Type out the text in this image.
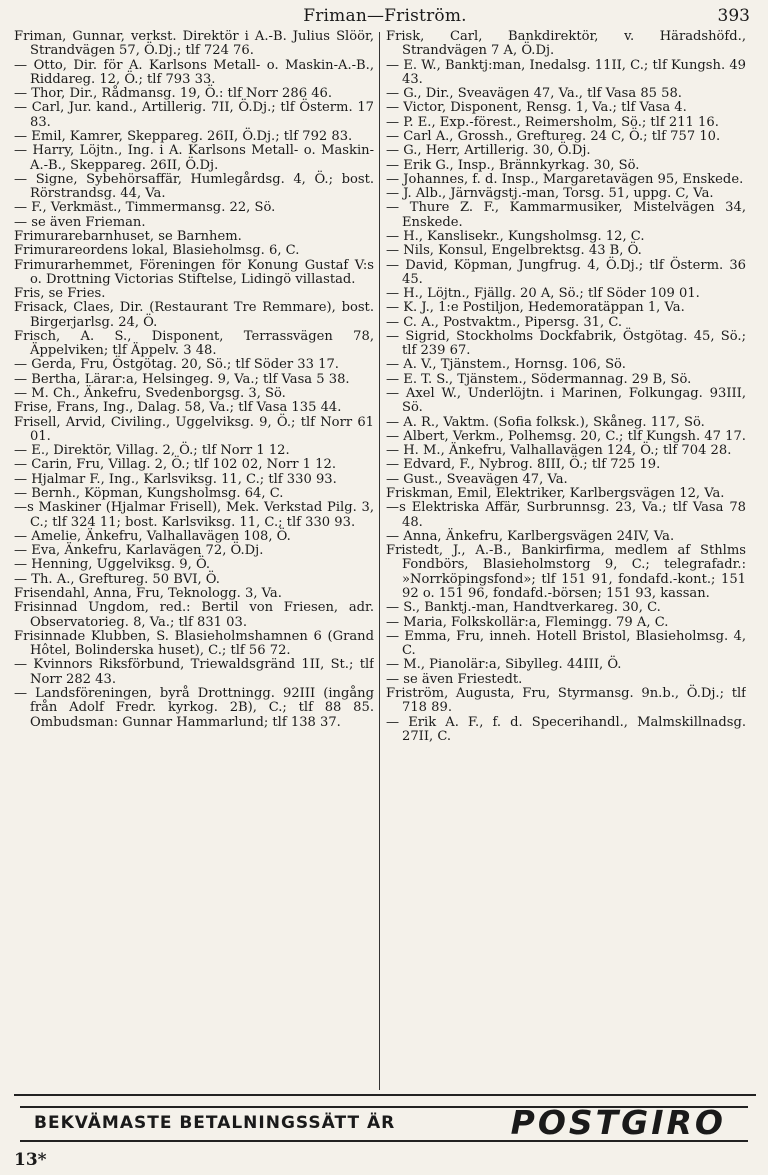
Friman—Friström.	393

Friman, Gunnar, verkst. Direktör i A.-B. Julius Slöör, Strandvägen 57, Ö.Dj.; tlf 724 76.

— Otto, Dir. för A. Karlsons Metall- o. Maskin-A.-B., Riddareg. 12, Ö.; tlf 793 33.

— Thor, Dir., Rådmansg. 19, Ö.: tlf Norr 286 46.

— Carl, Jur. kand., Artillerig. 7II, Ö.Dj.; tlf Österm. 17 83.

— Emil, Kamrer, Skeppareg. 26II, Ö.Dj.; tlf 792 83.

— Harry, Löjtn., Ing. i A. Karlsons Metall- o. Maskin-A.-B., Skeppareg. 26II, Ö.Dj.

— Signe, Sybehörsaffär, Humlegårdsg. 4, Ö.; bost. Rörstrandsg. 44, Va.

— F., Verkmäst., Timmermansg. 22, Sö.

— se även Frieman.

Frimurarebarnhuset, se Barnhem.

Frimurareordens lokal, Blasieholmsg. 6, C.

Frimurarhemmet, Föreningen för Konung Gustaf V:s o. Drottning Victorias Stiftelse, Lidingö villastad.

Fris, se Fries.

Frisack, Claes, Dir. (Restaurant Tre Remmare), bost. Birgerjarlsg. 24, Ö.

Frisch, A. S., Disponent, Terrassvägen 78, Äppelviken; tlf Äppelv. 3 48.

— Gerda, Fru, Östgötag. 20, Sö.; tlf Söder 33 17.

— Bertha, Lärar:a, Helsingeg. 9, Va.; tlf Vasa 5 38.

— M. Ch., Änkefru, Svedenborgsg. 3, Sö.

Frise, Frans, Ing., Dalag. 58, Va.; tlf Vasa 135 44.

Frisell, Arvid, Civiling., Uggelviksg. 9, Ö.; tlf Norr 61 01.

— E., Direktör, Villag. 2, Ö.; tlf Norr 1 12.

— Carin, Fru, Villag. 2, Ö.; tlf 102 02, Norr 1 12.

— Hjalmar F., Ing., Karlsviksg. 11, C.; tlf 330 93.

— Bernh., Köpman, Kungsholmsg. 64, C.

—s Maskiner (Hjalmar Frisell), Mek. Verkstad Pilg. 3, C.; tlf 324 11; bost. Karlsviksg. 11, C.; tlf 330 93.

— Amelie, Änkefru, Valhallavägen 108, Ö.

— Eva, Änkefru, Karlavägen 72, Ö.Dj.

— Henning, Uggelviksg. 9, Ö.

— Th. A., Greftureg. 50 BVI, Ö.

Frisendahl, Anna, Fru, Teknologg. 3, Va.

Frisinnad Ungdom, red.: Bertil von Friesen, adr. Observatorieg. 8, Va.; tlf 831 03.

Frisinnade Klubben, S. Blasieholmshamnen 6 (Grand Hôtel, Bolinderska huset), C.; tlf 56 72.

— Kvinnors Riksförbund, Triewaldsgränd 1II, St.; tlf Norr 282 43.

— Landsföreningen, byrå Drottningg. 92III (ingång från Adolf Fredr. kyrkog. 2B), C.; tlf 88 85. Ombudsman: Gunnar Hammarlund; tlf 138 37.

Frisk, Carl, Bankdirektör, v. Häradshöfd., Strandvägen 7 A, Ö.Dj.

— E. W., Banktj:man, Inedalsg. 11II, C.; tlf Kungsh. 49 43.

— G., Dir., Sveavägen 47, Va., tlf Vasa 85 58.

— Victor, Disponent, Rensg. 1, Va.; tlf Vasa 4.

— P. E., Exp.-förest., Reimersholm, Sö.; tlf 211 16.

— Carl A., Grossh., Greftureg. 24 C, Ö.; tlf 757 10.

— G., Herr, Artillerig. 30, Ö.Dj.

— Erik G., Insp., Brännkyrkag. 30, Sö.

— Johannes, f. d. Insp., Margaretavägen 95, Enskede.

— J. Alb., Järnvägstj.-man, Torsg. 51, uppg. C, Va.

— Thure Z. F., Kammarmusiker, Mistelvägen 34, Enskede.

— H., Kanslisekr., Kungsholmsg. 12, C.

— Nils, Konsul, Engelbrektsg. 43 B, Ö.

— David, Köpman, Jungfrug. 4, Ö.Dj.; tlf Österm. 36 45.

— H., Löjtn., Fjällg. 20 A, Sö.; tlf Söder 109 01.

— K. J., 1:e Postiljon, Hedemoratäppan 1, Va.

— C. A., Postvaktm., Pipersg. 31, C.

— Sigrid, Stockholms Dockfabrik, Östgötag. 45, Sö.; tlf 239 67.

— A. V., Tjänstem., Hornsg. 106, Sö.

— E. T. S., Tjänstem., Södermannag. 29 B, Sö.

— Axel W., Underlöjtn. i Marinen, Folkungag. 93III, Sö.

— A. R., Vaktm. (Sofia folksk.), Skåneg. 117, Sö.

— Albert, Verkm., Polhemsg. 20, C.; tlf Kungsh. 47 17.

— H. M., Änkefru, Valhallavägen 124, Ö.; tlf 704 28.

— Edvard, F., Nybrog. 8III, Ö.; tlf 725 19.

— Gust., Sveavägen 47, Va.

Friskman, Emil, Elektriker, Karlbergsvägen 12, Va.

—s Elektriska Affär, Surbrunnsg. 23, Va.; tlf Vasa 78 48.

— Anna, Änkefru, Karlbergsvägen 24IV, Va.

Fristedt, J., A.-B., Bankirfirma, medlem af Sthlms Fondbörs, Blasieholmstorg 9, C.; telegrafadr.: »Norrköpingsfond»; tlf 151 91, fondafd.-kont.; 151 92 o. 151 96, fondafd.-börsen; 151 93, kassan.

— S., Banktj.-man, Handtverkareg. 30, C.

— Maria, Folkskollär:a, Flemingg. 79 A, C.

— Emma, Fru, inneh. Hotell Bristol, Blasieholmsg. 4, C.

— M., Pianolär:a, Sibylleg. 44III, Ö.

— se även Friestedt.

Friström, Augusta, Fru, Styrmansg. 9n.b., Ö.Dj.; tlf 718 89.

— Erik A. F., f. d. Specerihandl., Malmskillnadsg. 27II, C.

BEKVÄMASTE BETALNINGSSÄTT ÄR	POSTGIRO
13*
